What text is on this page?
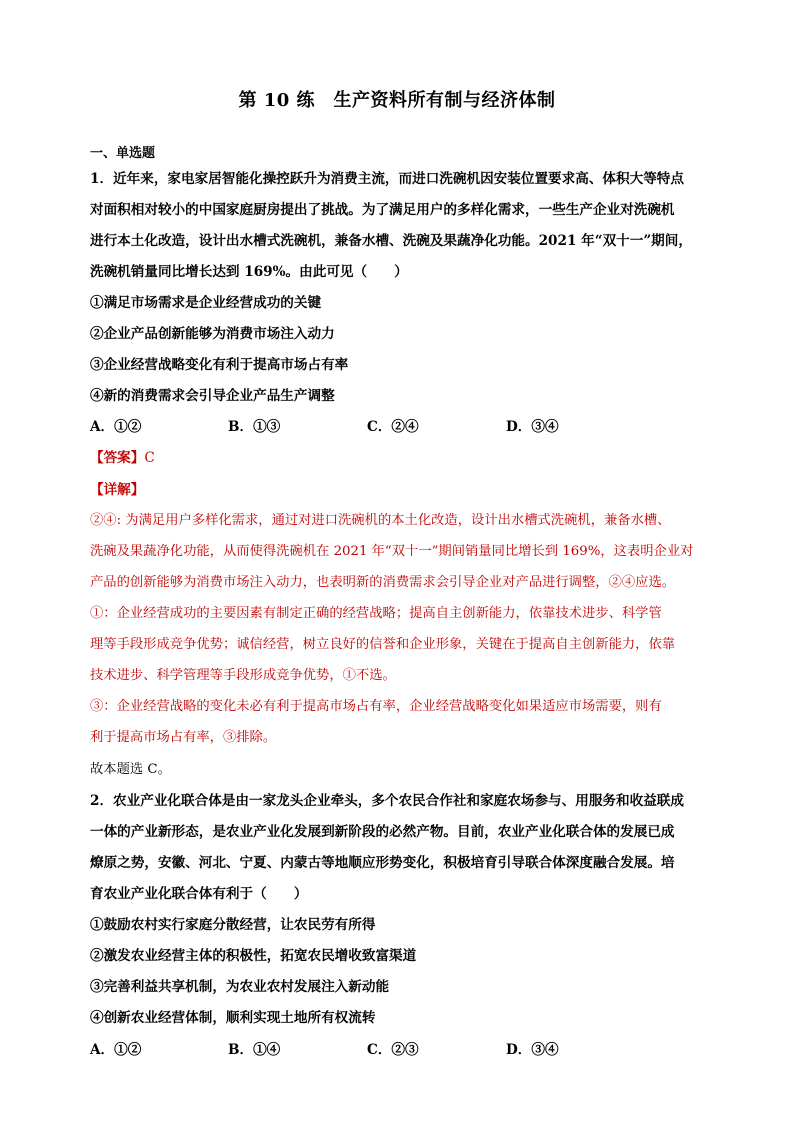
第 10 练　生产资料所有制与经济体制
一、单选题
1．近年来，家电家居智能化操控跃升为消费主流，而进口洗碗机因安装位置要求高、体积大等特点
对面积相对较小的中国家庭厨房提出了挑战。为了满足用户的多样化需求，一些生产企业对洗碗机
进行本土化改造，设计出水槽式洗碗机，兼备水槽、洗碗及果蔬净化功能。2021 年“双十一”期间，
洗碗机销量同比增长达到 169%。由此可见（　　）
①满足市场需求是企业经营成功的关键
②企业产品创新能够为消费市场注入动力
③企业经营战略变化有利于提高市场占有率
④新的消费需求会引导企业产品生产调整
A．①②	B．①③	C．②④	D．③④
【答案】C
【详解】
②④: 为满足用户多样化需求，通过对进口洗碗机的本土化改造，设计出水槽式洗碗机，兼备水槽、
洗碗及果蔬净化功能，从而使得洗碗机在 2021 年“双十一”期间销量同比增长到 169%，这表明企业对
产品的创新能够为消费市场注入动力，也表明新的消费需求会引导企业对产品进行调整，②④应选。
①：企业经营成功的主要因素有制定正确的经营战略；提高自主创新能力，依靠技术进步、科学管
理等手段形成竞争优势；诚信经营，树立良好的信誉和企业形象，关键在于提高自主创新能力，依靠
技术进步、科学管理等手段形成竞争优势，①不选。
③：企业经营战略的变化未必有利于提高市场占有率，企业经营战略变化如果适应市场需要，则有
利于提高市场占有率，③排除。
故本题选 C。
2．农业产业化联合体是由一家龙头企业牵头，多个农民合作社和家庭农场参与、用服务和收益联成
一体的产业新形态，是农业产业化发展到新阶段的必然产物。目前，农业产业化联合体的发展已成
燎原之势，安徽、河北、宁夏、内蒙古等地顺应形势变化，积极培育引导联合体深度融合发展。培
育农业产业化联合体有利于（　　）
①鼓励农村实行家庭分散经营，让农民劳有所得
②激发农业经营主体的积极性，拓宽农民增收致富渠道
③完善利益共享机制，为农业农村发展注入新动能
④创新农业经营体制，顺利实现土地所有权流转
A．①②	B．①④	C．②③	D．③④
